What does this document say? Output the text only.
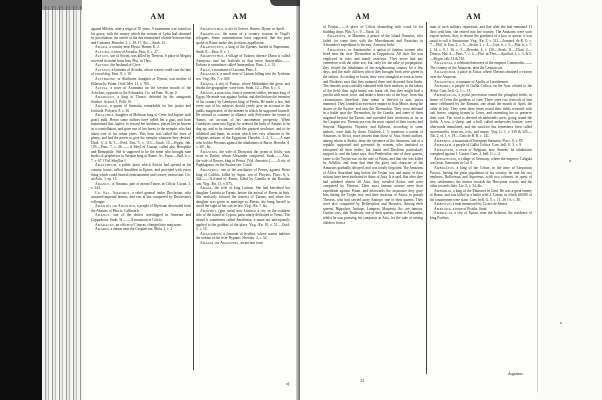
AM	AM

against Miletus, after a reign of 35 years. A monument was raised on his grave, with the money which the women of Lydia had obtained by prostitution. An article of the fun maintained a battle between him and Cymaera. Herodot. 1, c. 18, 17, &c.—Strab. 13.

Amaea, a country near Mysia. Homer. Il. 2.

Alycæa, a town of Arcadia. Paus. 8, c. 27.

Alycus, son of Sciron, was killed by Theseus. A place in Megara received its name from him. Plut. in Thes.

Alyzon, the husband of Circe.

Alyssus, a fountain of Arcadia, whose waters could cure the bite of a mad dog. Paus. 8, c. 19.

Alythrone, or Alathrone, daughter of Dymas, was mother of Hilaeon by Priam. Ovid. Met. 11, v. 763.

Alyzia, a town of Acarnania on the western mouth of the Achelous, opposite to the Echinades. Cic. ad Fam. 16, ep. 2.

Amadocus, a king of Thrace, defeated by his antagonist Seuthes. Aristot. 5. Polit. 10.

Amage, a queen of Sarmatia, remarkable for her justice and fortitude. Polyaen. 8, c. 56.

Amalthea, daughter of Melissus king of Crete, fed Jupiter with goat's milk. Hence some authors have called her a goat, and have maintained that Jupiter, to reward her kindness, placed her in heaven as a constellation, and gave one of her horns to the nymphs who had taken care of his infant years. This horn was called the horn of plenty, and had the power to give the nymphs whatever they desired. Diod. 3, 4, & 5.—Ovid. Fast. 5, v. 113.—Strab. 10.—Hygin. fab. 139.—Paus. 7, c. 26.——A Sibyl of Cumae, called also Herophile and Demophile. She is supposed to be the same who brought nine books of prophecies to Tarquin king of Rome. Ac. Varro.—Ibid. 4, c. 7, v. 67. [Vid. Sibyllae.]

Amaltheum, a public place which Atticus had opened in his country house, called Amalthea in Epirus, and provided with every thing which could furnish entertainment and convey instruction. Cic. ad Attic. 1, ep. 13.

Amanus, or Amanus, part of mount Taurus in Cilicia. Lucan. 3, v. 244.

Cn. Sal. Amandus, a rebel general under Dioclesian, who assumed imperial honors, and was at last conquered by Dioclesian's colleague.

Amantes or Amantini, a people of Illyricum descended from the Abantes of Phocis. Callimach.

Amanus, one of the deities worshipped in Armenia and Cappadocia. Strab. 11.——A mountain in Cilicia.

Amaracus, an officer of Cinyras, changed into marjoram.

Amardi, a nation near the Caspian sea. Mela, 1, c. 2.

Amarynthus, a city of Greece. Homer. Hymn. in Apoll.

Amaryllis, the name of a country woman in Virgil's eclogues. Some commentators have supposed, that the poet spoke of Rome under this fictitious appellation.

Amarynceus, a king of the Epeans, buried at Buprasium. Strab. 8.—Paus. 8, c. 1.

Amarynthus, a village of Euboea whence Diana is called Amarysia, and her festivals in that town Amarynthia.——Euboea is sometimes called Amarynthus. Paus. 1, c. 31.

Amas, a mountain of Laconia. Paus. 3.

Amasenus, a small river of Latium falling into the Tyrrhene sea. Virg. Æn. 7, v. 685.

Amasia, a city of Pontus, where Mithridates the great, and Strabo the geographer, were born. Strab. 12.—Plin. 6, c. 3.

Amasis, a man who, from a common soldier, became king of Egypt. He made war against Arabia, and died before the invasion of his country by Cambyses king of Persia. He made a law, that every one of his subjects should yearly give an account to the public magistrates, of the manner in which he supported himself. He refused to continue in alliance with Polycrates the tyrant of Samos, on account of his uncommon prosperity. When Cambyses came into Egypt, he ordered the body of Amasis to be dug up, and to be treated with the greatest insolence, and to be inhibited and burnt; an action which was very offensive to the religious notions of the Egyptians. Herodot. 1, 2, 3.——A man who led the Persians against the inhabitants of Barca. Herodot. 4, c. 201, &c.

Amastris, the wife of Dionysius the tyrant of Sicily, was sister to Darius, whom Alexander conquered. Strab.——Also, the wife of Xerxes, king of Persia. [Vid. Amestris.]——A city of Paphlagonia, on the Euxine sea. Catull.

Amastrus, one of the auxiliaries of Perses, against Æetes king of Colchis, killed by Argus, son of Phryxus. Flacc. 6, v. 544.——A friend of Æneas, killed by Camilla in the Rutulian war. Virg. Æn. 11, v. 673.

Amata, the wife of king Latinus. She had betrothed her daughter Lavinia to Turnus, before the arrival of Æneas in Italy. She zealously favored the interest of Turnus; and when her daughter was given in marriage to Æneas, she hung herself to avoid the sight of her son-in-law. Virg. Æn. 7, &c.

Amathus, (gen. untis) now Limisso, a city on the southern side of the island of Cyprus, particularly dedicated to Venus. The island is sometimes called Amathusia, a name not unfrequently applied to the goddess of the place. Virg. Æn. 10, v. 51.—Ovid. 5, c. 14.

Amazampes, a fountain of Scythia, whose waters imbitter the stream of the river Hypanis. Herodot. 4, c. 52.

Amazia or Amazonia, an ancient town

of
AM	AM

of Pontus.——A place of Cilicia abounding with wood fit for building ships. Plin. 5, c. 9.—Strab. 14.

Amazenes, or Mazenes, a prince of the Island Oaractus, who failed for some time with the Macedonians and Nearchus in Alexander's expedition to the east. Arrian in Indic.

Amazones, or Amazonides, a nation of famous women who lived near the river Thermodon in Cappadocia. All their life was employed in wars and manly exercises. They never had any commerce with the other sex; but, only for the sake of propagation, they visited the inhabitants of the neighbouring country for a few days, and the male children which they brought forth were given to the fathers. According to Justin, they were strangled as soon as born, and Diodorus says that they maimed them and distorted their limbs. The females were carefully educated with their mothers, in the labors of the field; their right breast was burnt off, that they might hurl a javelin with more force, and make a better use of the bow; from that circumstance, therefore, their name is derived (a non, μαζος mamma). They founded an extensive empire in Asia Minor, along the shores of the Euxine, and near the Thermodon. They were defeated in a battle near the Thermodon, by the Greeks; and some of them migrated beyond the Tanais, and extended their territories as far as the Caspian sea. Themiscyra was the most capital of their towns; and Smyrna, Magnesia, Thyatira, and Ephesus, according to some authors, were built by them. Diodorus l. 3, mentions a nation of Amazons in Africa, more ancient than those of Asia. Some authors, among whom is Strabo, deny the existence of the Amazons, and of a republic supported and governed by women, who banished or extirpated all their males; but Justin and Diodorus particularly support it; and the latter says, that Penthesilea, one of their queens, came to the Trojan war on the side of Priam, and that she was killed by Achilles, and from that time the glory and character of the Amazons gradually decayed, and was totally forgotten. The Amazons of Africa flourished long before the Trojan war, and many of their actions have been attributed to those of Asia. It is said, that after they had subdued almost all Asia, they invaded Attica, and were conquered by Theseus. Their most famous actions were their expedition against Priam, and afterwards the assistance they gave him during the Trojan war; and their invasion of Attica, to punish Theseus, who had carried away Antiope, one of their queens. They were also conquered by Bellerophon and Hercules. Among their queens, Hippolyte, Antiope, Lampeto, Marpesia, &c. are famous. Curtius says, that Thalestris, one of their queens, came to Alexander, whilst he was pursuing his conquests in Asia, for the sake of raising children from a

man of such military reputation; and that after she had remained 13 days with him, she retired into her country. The Amazons were such expert archers, that, to denote the goodness of a bow or quiver, it was usual to call it Amazonian. Virg. Æn. 5, v. 311.—Jornand. de R. G. c. 7.—Phil. fr. Eun. 2, c. 5.—Justin. 2, c. 4.—Curt. 6, c. 5.—Plin. 6, c. 7, l. 14, c. 8, l. 36, c. 5.—Herodot. 4, c. 110.—Strab. 11.—Diod. 2.—Dionys. Hal. 4.—Paus. 7, c. 2.—Plut. in Thes.—Apollod. 2, c. 3, & 5.—Hygin. fab. 14 & 163.

Amazonia, a celebrated mistress of the emperor Commodus.——The country of the Amazons, near the Caspian sea.

Amazonium, a place in Attica, where Theseus obtained a victory over the Amazons.

Amazonius, a surname of Apollo at Lacedaemon.

Ambarri, a people of Gallia Celtica, on the Arar, related to the Ædui. Caes. bell. G. 1, c. 11.

Ambarvalia, a joyful procession round the ploughed fields, in honor of Ceres the goddess of corn. There were two festivals of that name celebrated by the Romans, one about the month of April, the other in July. They went three times round their fields crowned with oak leaves, singing hymns to Ceres, and entreating her to preserve their corn. The word is derived ab ambiendis arvis, going round the fields. A sow, a sheep, and a bull, called ambarvales hostiae, were afterwards immolated, and the sacrifice has sometimes been called suovetaurilia, from sus, ovis, and taurus. Virg. G. 1, v. 339 & 345.—Tib. 2, el. 1, v. 19.—Cato de R. R. c. 141.

Ambenus, a mountain of European Sarmatia. Flacc. 6, v. 85.

Ambiliati, a people of Gallia Celtica. Caes. bell. G. 3, c. 9.

Ambianum, a town of Belgium, now Amiens. Its inhabitants conspired against J. Caesar. Caes. 2, bell. G. c. 4.

Ambiatinum, a village of Germany, where the emperor Caligula was born. Suetonius in Cal. 8.

Ambigatus, a king of the Celtae, in the time of Tarquinius Priscus. Seeing the great population of his country, he sent his two nephews, Bellovesus and Sigovesus, with two colonies, in quest of new settlements; the former towards the Hercynian woods, and the other towards Italy. Liv. 5, c. 34, &c.

Ambiorix, a king of the Eburones in Gaul. He was a great enemy to Rome, and was killed in a battle with J. Caesar, in which 60,000 of his countrymen were slain. Caes. bell. G. 5, c. 11, 26 l. 6, c. 30.

Ambivius, a man mentioned by Cicero de Senect.

Amblada, a town of Pisidia. Strab.

Ambracia, a city of Epirus, near the Acheron, the residence of king Pyrrhus.

Augustus.
24
